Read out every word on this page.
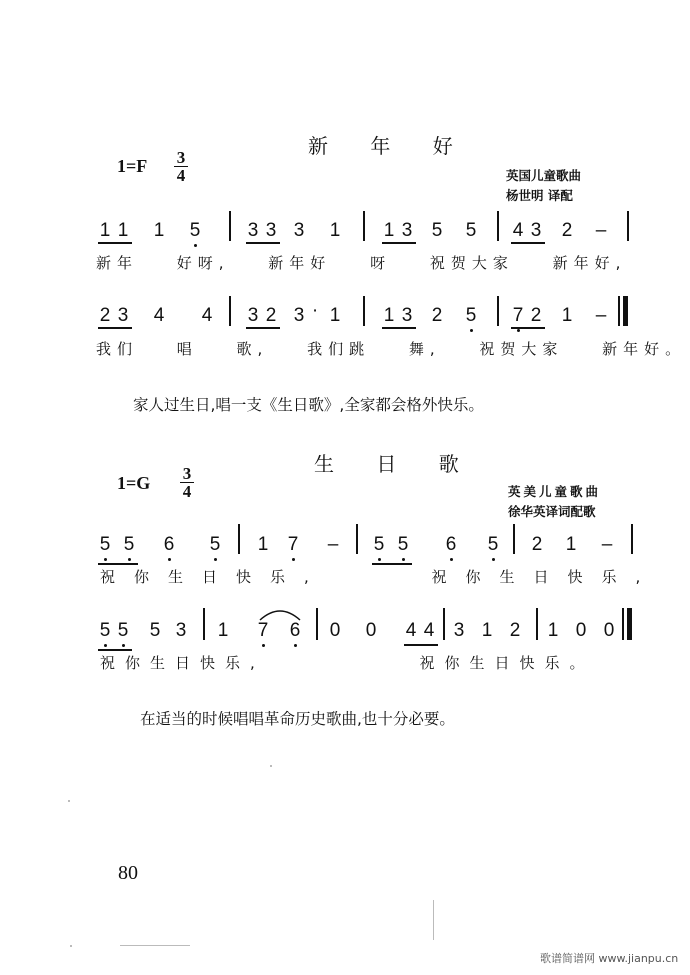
新 年 好
1=F 3
4	英国儿童歌曲
杨世明 译配
1 1 1 5 3 3 3 1 1 3 5 5 4 3 2 –
新年 好呀, 新年好 呀 祝贺大家 新年好,
2 3 4 4 3 2 3 · 1 1 3 2 5 7 2 1 –
我们 唱 歌, 我们跳 舞, 祝贺大家 新年好。
家人过生日,唱一支《生日歌》,全家都会格外快乐。
生 日 歌
1=G 3
4	英美儿童歌曲
徐华英译词配歌
5 5 6 5 1 7 – 5 5 6 5 2 1 –
祝你生日快乐, 祝你生日快乐,
5 5 5 3 1 7 6 0 0 4 4 3 1 2 1 0 0
祝你生日快乐, 祝你生日快乐。
在适当的时候唱唱革命历史歌曲,也十分必要。
80
歌谱简谱网 www.jianpu.cn
